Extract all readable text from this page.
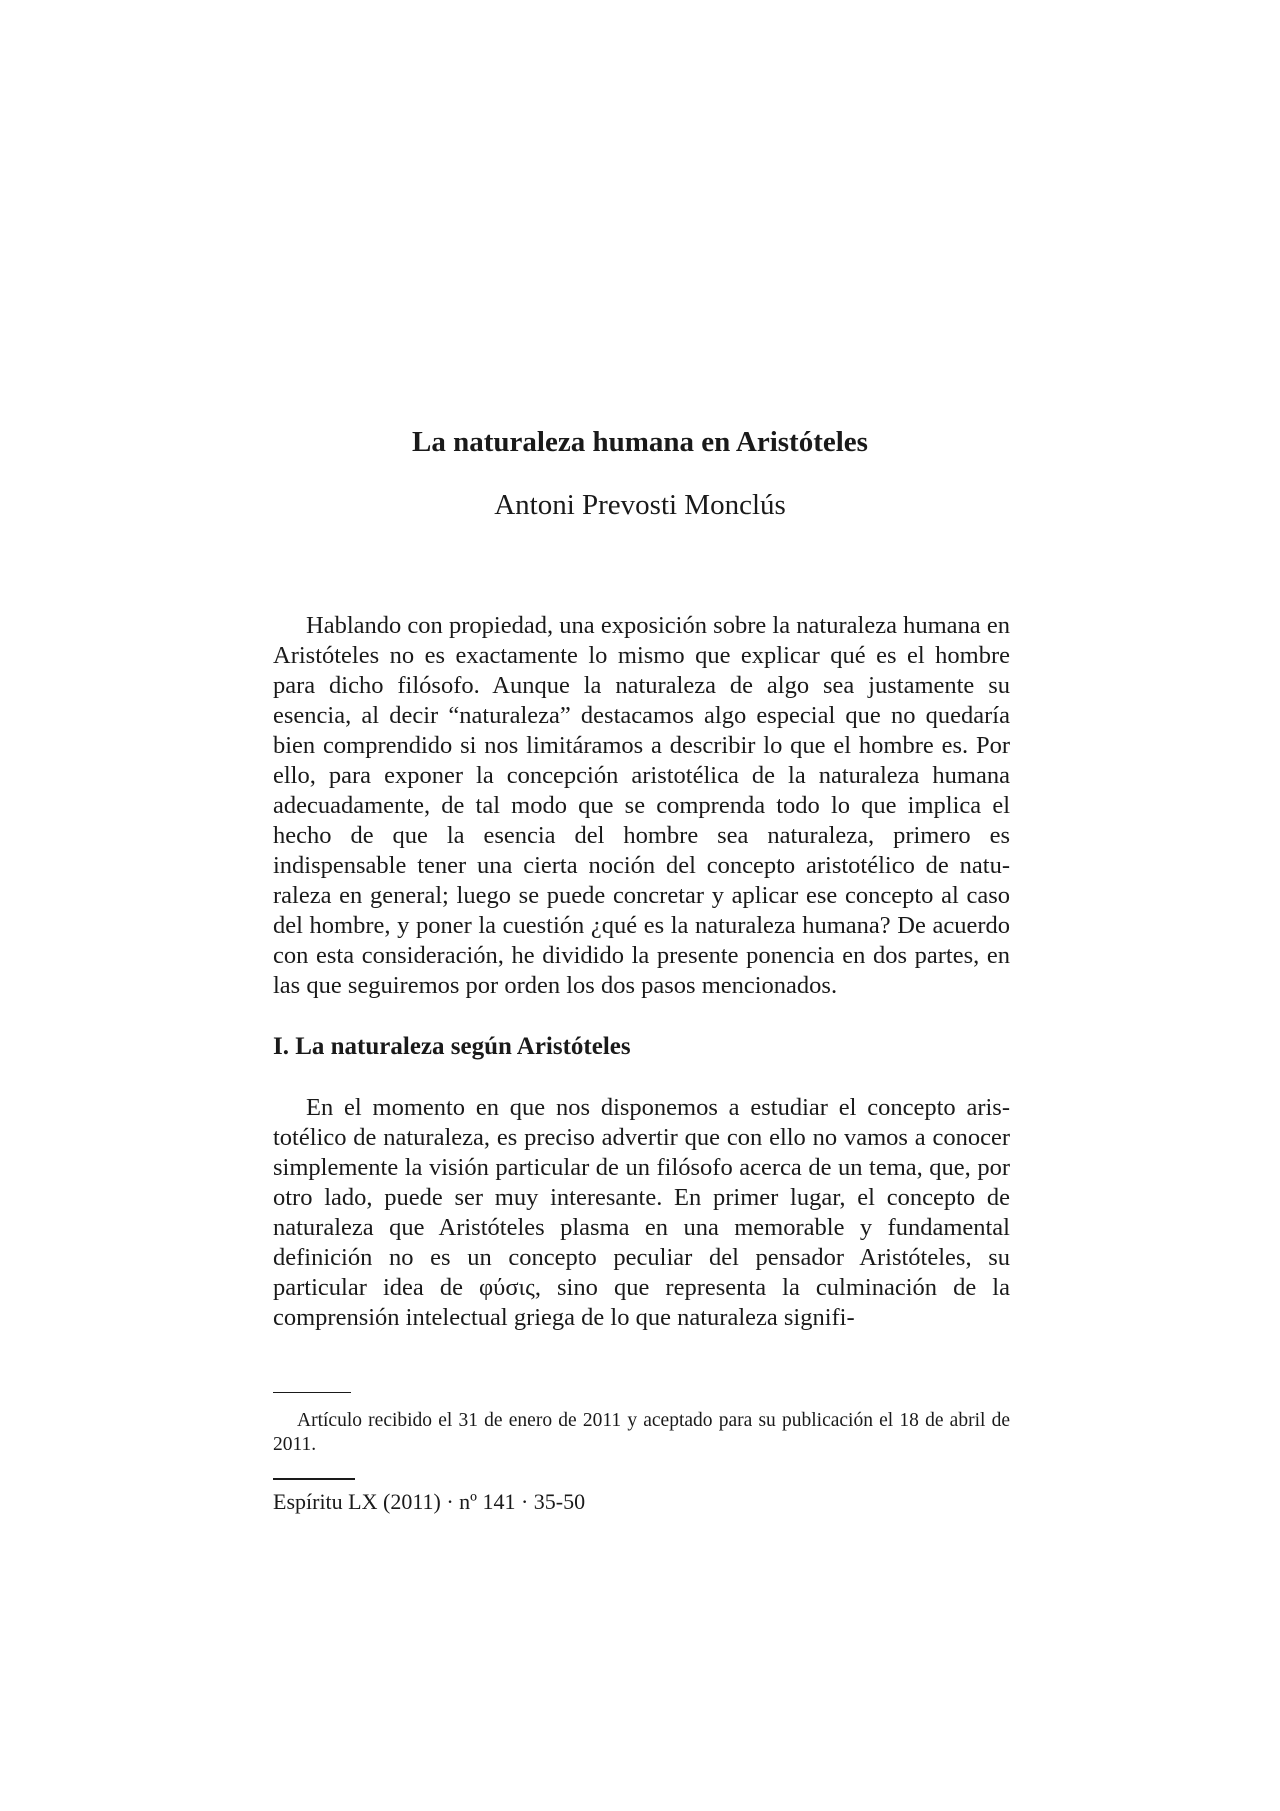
La naturaleza humana en Aristóteles
Antoni Prevosti Monclús

Hablando con propiedad, una exposición sobre la naturaleza humana en Aristóteles no es exactamente lo mismo que explicar qué es el hombre para dicho filósofo. Aunque la naturaleza de algo sea justamente su esencia, al decir “naturaleza” destacamos algo especial que no quedaría bien comprendido si nos limitáramos a describir lo que el hombre es. Por ello, para exponer la concepción aristotélica de la naturaleza humana adecuadamente, de tal modo que se comprenda todo lo que implica el hecho de que la esencia del hombre sea naturaleza, primero es indispensable tener una cierta noción del concepto aristotélico de naturaleza en general; luego se puede concretar y aplicar ese concepto al caso del hombre, y poner la cuestión ¿qué es la naturaleza humana? De acuerdo con esta consideración, he dividido la presente ponencia en dos partes, en las que seguiremos por orden los dos pasos mencionados.

I. La naturaleza según Aristóteles

En el momento en que nos disponemos a estudiar el concepto aristotélico de naturaleza, es preciso advertir que con ello no vamos a conocer simplemente la visión particular de un filósofo acerca de un tema, que, por otro lado, puede ser muy interesante. En primer lugar, el concepto de naturaleza que Aristóteles plasma en una memorable y fundamental definición no es un concepto peculiar del pensador Aristóteles, su particular idea de φύσις, sino que representa la culminación de la comprensión intelectual griega de lo que naturaleza signifi-

Artículo recibido el 31 de enero de 2011 y aceptado para su publicación el 18 de abril de 2011.

Espíritu LX (2011) · nº 141 · 35-50
